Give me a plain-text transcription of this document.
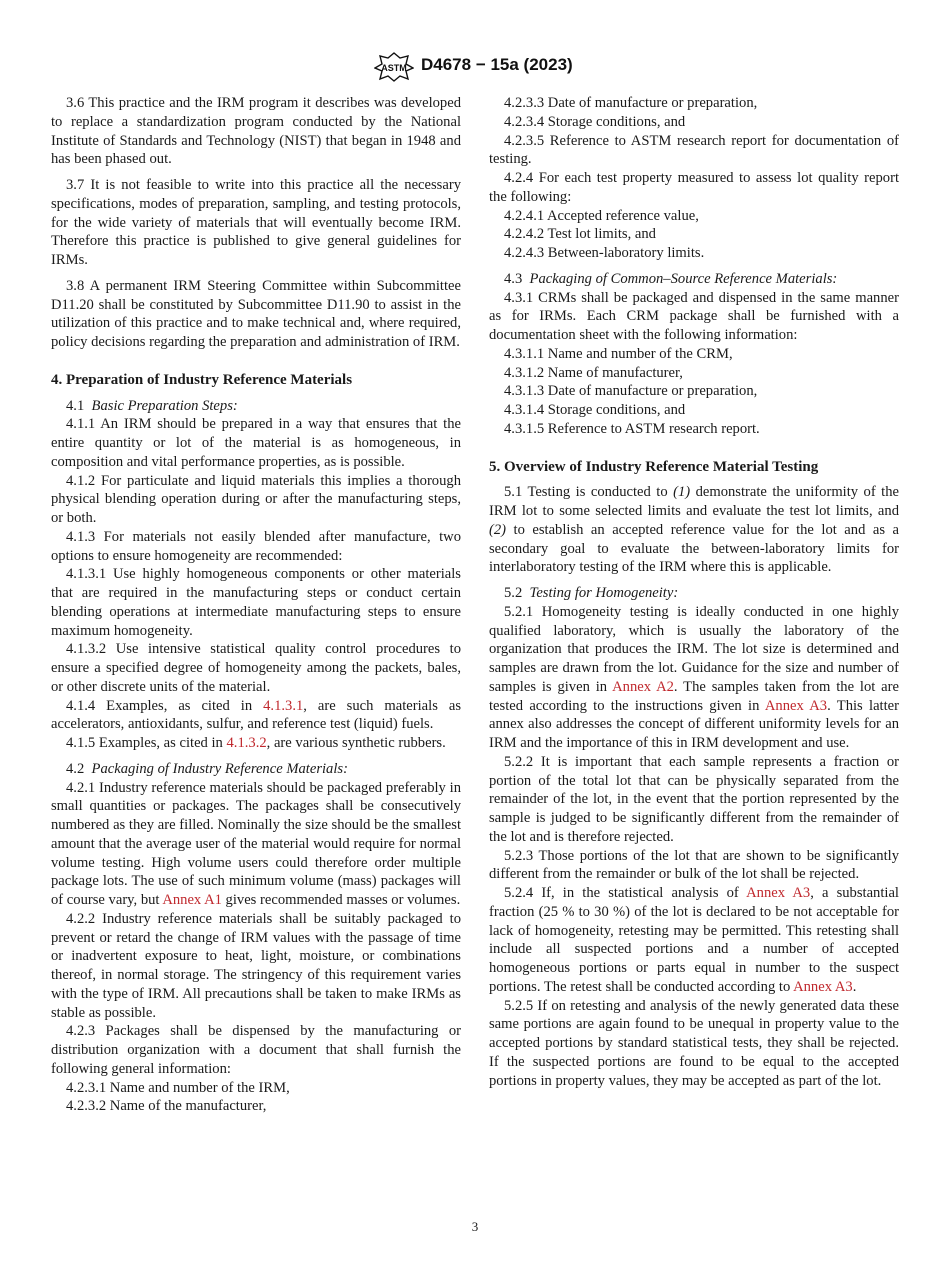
ASTM D4678 − 15a (2023)

3.6 This practice and the IRM program it describes was developed to replace a standardization program conducted by the National Institute of Standards and Technology (NIST) that began in 1948 and has been phased out.

3.7 It is not feasible to write into this practice all the necessary specifications, modes of preparation, sampling, and testing protocols, for the wide variety of materials that will eventually become IRM. Therefore this practice is published to give general guidelines for IRMs.

3.8 A permanent IRM Steering Committee within Subcommittee D11.20 shall be constituted by Subcommittee D11.90 to assist in the utilization of this practice and to make technical and, where required, policy decisions regarding the preparation and administration of IRM.

4. Preparation of Industry Reference Materials

4.1 Basic Preparation Steps:

4.1.1 An IRM should be prepared in a way that ensures that the entire quantity or lot of the material is as homogeneous, in composition and vital performance properties, as is possible.

4.1.2 For particulate and liquid materials this implies a thorough physical blending operation during or after the manufacturing steps, or both.

4.1.3 For materials not easily blended after manufacture, two options to ensure homogeneity are recommended:

4.1.3.1 Use highly homogeneous components or other materials that are required in the manufacturing steps or conduct certain blending operations at intermediate manufacturing steps to ensure maximum homogeneity.

4.1.3.2 Use intensive statistical quality control procedures to ensure a specified degree of homogeneity among the packets, bales, or other discrete units of the material.

4.1.4 Examples, as cited in 4.1.3.1, are such materials as accelerators, antioxidants, sulfur, and reference test (liquid) fuels.

4.1.5 Examples, as cited in 4.1.3.2, are various synthetic rubbers.

4.2 Packaging of Industry Reference Materials:

4.2.1 Industry reference materials should be packaged preferably in small quantities or packages. The packages shall be consecutively numbered as they are filled. Nominally the size should be the smallest amount that the average user of the material would require for normal volume testing. High volume users could therefore order multiple package lots. The use of such minimum volume (mass) packages will of course vary, but Annex A1 gives recommended masses or volumes.

4.2.2 Industry reference materials shall be suitably packaged to prevent or retard the change of IRM values with the passage of time or inadvertent exposure to heat, light, moisture, or combinations thereof, in normal storage. The stringency of this requirement varies with the type of IRM. All precautions shall be taken to make IRMs as stable as possible.

4.2.3 Packages shall be dispensed by the manufacturing or distribution organization with a document that shall furnish the following general information:

4.2.3.1 Name and number of the IRM,

4.2.3.2 Name of the manufacturer,

4.2.3.3 Date of manufacture or preparation,

4.2.3.4 Storage conditions, and

4.2.3.5 Reference to ASTM research report for documentation of testing.

4.2.4 For each test property measured to assess lot quality report the following:

4.2.4.1 Accepted reference value,

4.2.4.2 Test lot limits, and

4.2.4.3 Between-laboratory limits.

4.3 Packaging of Common–Source Reference Materials:

4.3.1 CRMs shall be packaged and dispensed in the same manner as for IRMs. Each CRM package shall be furnished with a documentation sheet with the following information:

4.3.1.1 Name and number of the CRM,

4.3.1.2 Name of manufacturer,

4.3.1.3 Date of manufacture or preparation,

4.3.1.4 Storage conditions, and

4.3.1.5 Reference to ASTM research report.

5. Overview of Industry Reference Material Testing

5.1 Testing is conducted to (1) demonstrate the uniformity of the IRM lot to some selected limits and evaluate the test lot limits, and (2) to establish an accepted reference value for the lot and as a secondary goal to evaluate the between-laboratory limits for interlaboratory testing of the IRM where this is applicable.

5.2 Testing for Homogeneity:

5.2.1 Homogeneity testing is ideally conducted in one highly qualified laboratory, which is usually the laboratory of the organization that produces the IRM. The lot size is determined and samples are drawn from the lot. Guidance for the size and number of samples is given in Annex A2. The samples taken from the lot are tested according to the instructions given in Annex A3. This latter annex also addresses the concept of different uniformity levels for an IRM and the importance of this in IRM development and use.

5.2.2 It is important that each sample represents a fraction or portion of the total lot that can be physically separated from the remainder of the lot, in the event that the portion represented by the sample is judged to be significantly different from the remainder of the lot and is therefore rejected.

5.2.3 Those portions of the lot that are shown to be significantly different from the remainder or bulk of the lot shall be rejected.

5.2.4 If, in the statistical analysis of Annex A3, a substantial fraction (25 % to 30 %) of the lot is declared to be not acceptable for lack of homogeneity, retesting may be permitted. This retesting shall include all suspected portions and a number of accepted homogeneous portions or parts equal in number to the suspect portions. The retest shall be conducted according to Annex A3.

5.2.5 If on retesting and analysis of the newly generated data these same portions are again found to be unequal in property value to the accepted portions by standard statistical tests, they shall be rejected. If the suspected portions are found to be equal to the accepted portions in property values, they may be accepted as part of the lot.

3
